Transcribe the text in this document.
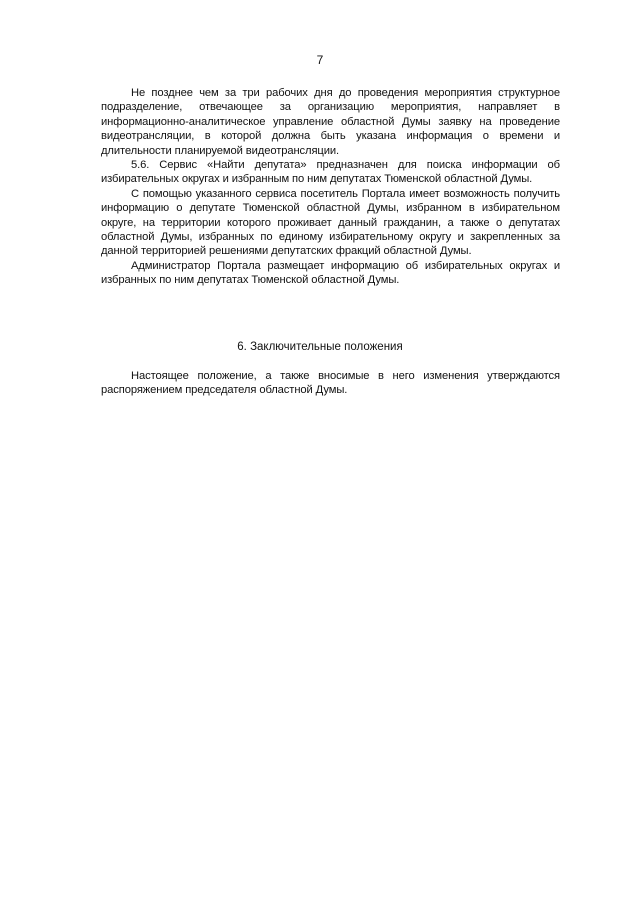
7

Не позднее чем за три рабочих дня до проведения мероприятия структурное подразделение, отвечающее за организацию мероприятия, направляет в информационно-аналитическое управление областной Думы заявку на проведение видеотрансляции, в которой должна быть указана информация о времени и длительности планируемой видеотрансляции.

5.6. Сервис «Найти депутата» предназначен для поиска информации об избирательных округах и избранным по ним депутатах Тюменской областной Думы.

С помощью указанного сервиса посетитель Портала имеет возможность получить информацию о депутате Тюменской областной Думы, избранном в избирательном округе, на территории которого проживает данный гражданин, а также о депутатах областной Думы, избранных по единому избирательному округу и закрепленных за данной территорией решениями депутатских фракций областной Думы.

Администратор Портала размещает информацию об избирательных округах и избранных по ним депутатах Тюменской областной Думы.

6. Заключительные положения

Настоящее положение, а также вносимые в него изменения утверждаются распоряжением председателя областной Думы.
